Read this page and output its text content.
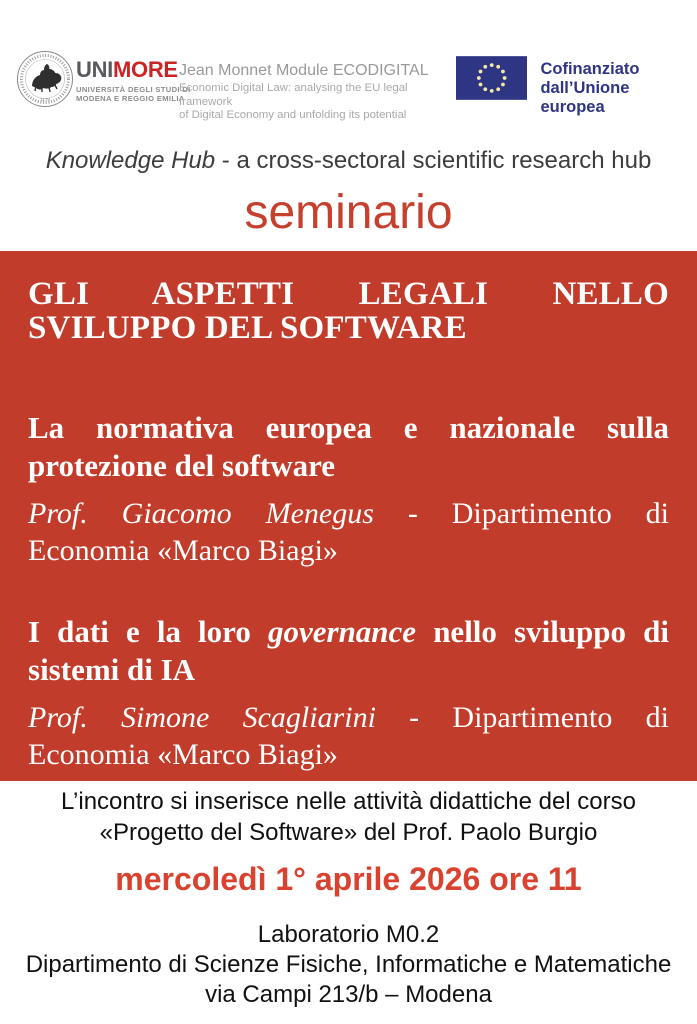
1175
UNIMORE
UNIVERSITÀ DEGLI STUDI DI
MODENA E REGGIO EMILIA
Jean Monnet Module ECODIGITAL
Economic Digital Law: analysing the EU legal framework
of Digital Economy and unfolding its potential
Cofinanziato
dall’Unione europea
Knowledge Hub - a cross-sectoral scientific research hub
seminario
GLI ASPETTI LEGALI NELLO
SVILUPPO DEL SOFTWARE
La normativa europea e nazionale sulla
protezione del software
Prof. Giacomo Menegus - Dipartimento di
Economia «Marco Biagi»
I dati e la loro governance nello sviluppo di
sistemi di IA
Prof. Simone Scagliarini - Dipartimento di
Economia «Marco Biagi»
L’incontro si inserisce nelle attività didattiche del corso
«Progetto del Software» del Prof. Paolo Burgio
mercoledì 1° aprile 2026 ore 11
Laboratorio M0.2
Dipartimento di Scienze Fisiche, Informatiche e Matematiche
via Campi 213/b – Modena
